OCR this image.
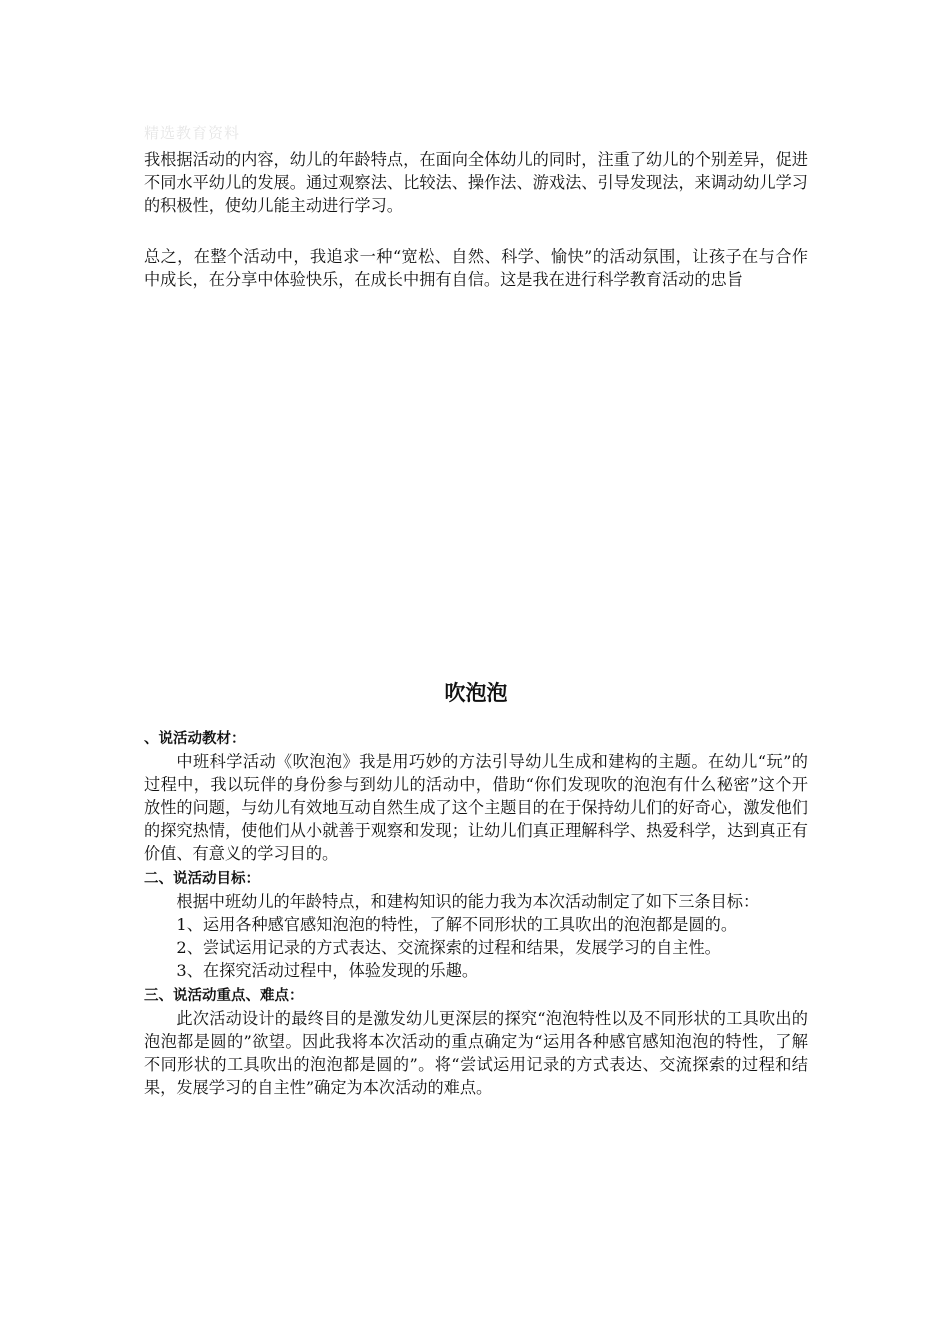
精选教育资料

我根据活动的内容，幼儿的年龄特点，在面向全体幼儿的同时，注重了幼儿的个别差异，促进不同水平幼儿的发展。通过观察法、比较法、操作法、游戏法、引导发现法，来调动幼儿学习的积极性，使幼儿能主动进行学习。

总之，在整个活动中，我追求一种“宽松、自然、科学、愉快”的活动氛围，让孩子在与合作中成长，在分享中体验快乐，在成长中拥有自信。这是我在进行科学教育活动的忠旨

吹泡泡

、说活动教材：

中班科学活动《吹泡泡》我是用巧妙的方法引导幼儿生成和建构的主题。在幼儿“玩”的过程中，我以玩伴的身份参与到幼儿的活动中，借助“你们发现吹的泡泡有什么秘密”这个开放性的问题，与幼儿有效地互动自然生成了这个主题目的在于保持幼儿们的好奇心，激发他们的探究热情，使他们从小就善于观察和发现；让幼儿们真正理解科学、热爱科学，达到真正有价值、有意义的学习目的。

二、说活动目标：

根据中班幼儿的年龄特点，和建构知识的能力我为本次活动制定了如下三条目标：

1、运用各种感官感知泡泡的特性，了解不同形状的工具吹出的泡泡都是圆的。

2、尝试运用记录的方式表达、交流探索的过程和结果，发展学习的自主性。

3、在探究活动过程中，体验发现的乐趣。

三、说活动重点、难点：

此次活动设计的最终目的是激发幼儿更深层的探究“泡泡特性以及不同形状的工具吹出的泡泡都是圆的”欲望。因此我将本次活动的重点确定为“运用各种感官感知泡泡的特性，了解不同形状的工具吹出的泡泡都是圆的”。将“尝试运用记录的方式表达、交流探索的过程和结果，发展学习的自主性”确定为本次活动的难点。
